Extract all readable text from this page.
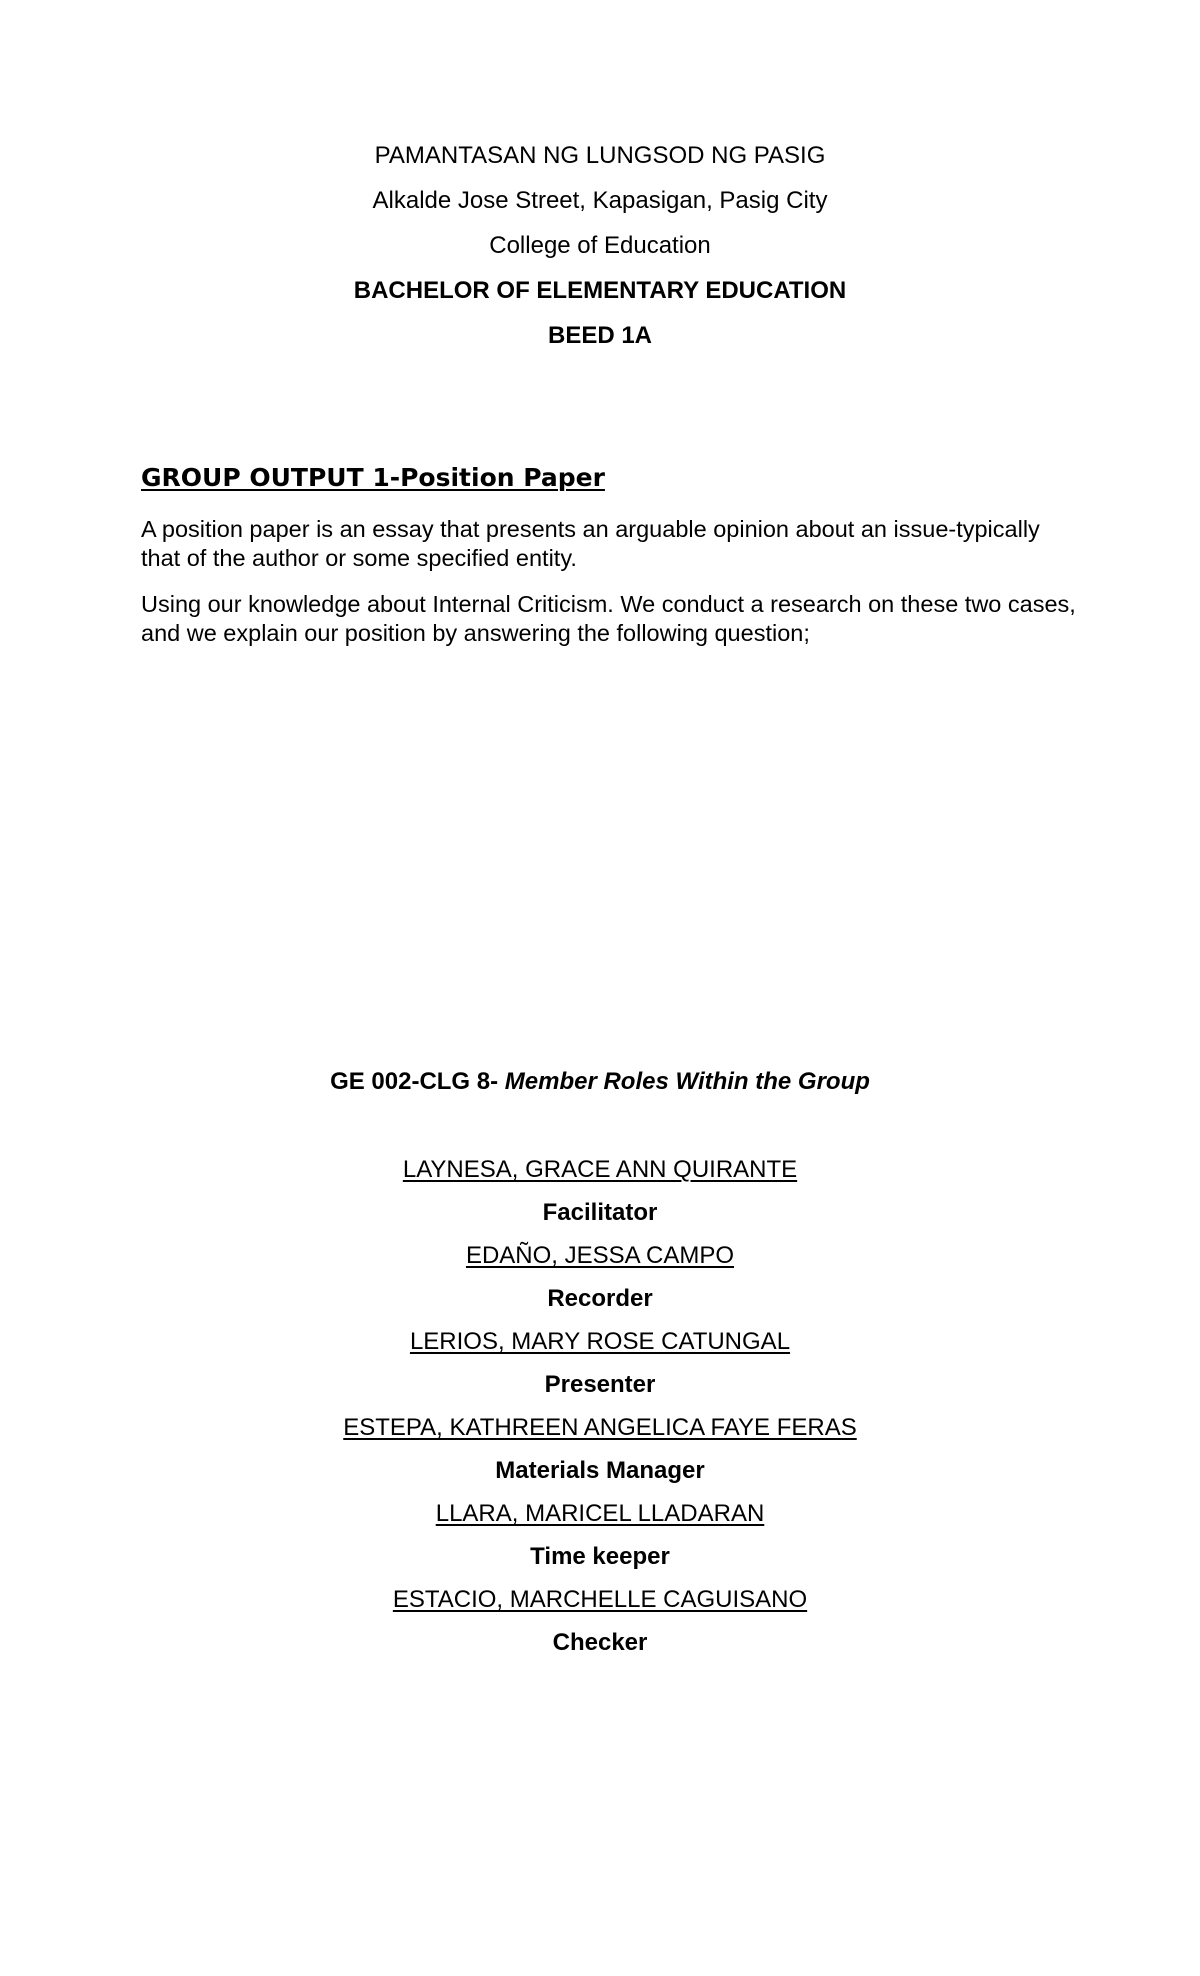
PAMANTASAN NG LUNGSOD NG PASIG
Alkalde Jose Street, Kapasigan, Pasig City
College of Education
BACHELOR OF ELEMENTARY EDUCATION
BEED 1A
GROUP OUTPUT 1-Position Paper
A position paper is an essay that presents an arguable opinion about an issue-typically that of the author or some specified entity.
Using our knowledge about Internal Criticism. We conduct a research on these two cases, and we explain our position by answering the following question;
GE 002-CLG 8- Member Roles Within the Group
LAYNESA, GRACE ANN QUIRANTE
Facilitator
EDAÑO, JESSA CAMPO
Recorder
LERIOS, MARY ROSE CATUNGAL
Presenter
ESTEPA, KATHREEN ANGELICA FAYE FERAS
Materials Manager
LLARA, MARICEL LLADARAN
Time keeper
ESTACIO, MARCHELLE CAGUISANO
Checker
